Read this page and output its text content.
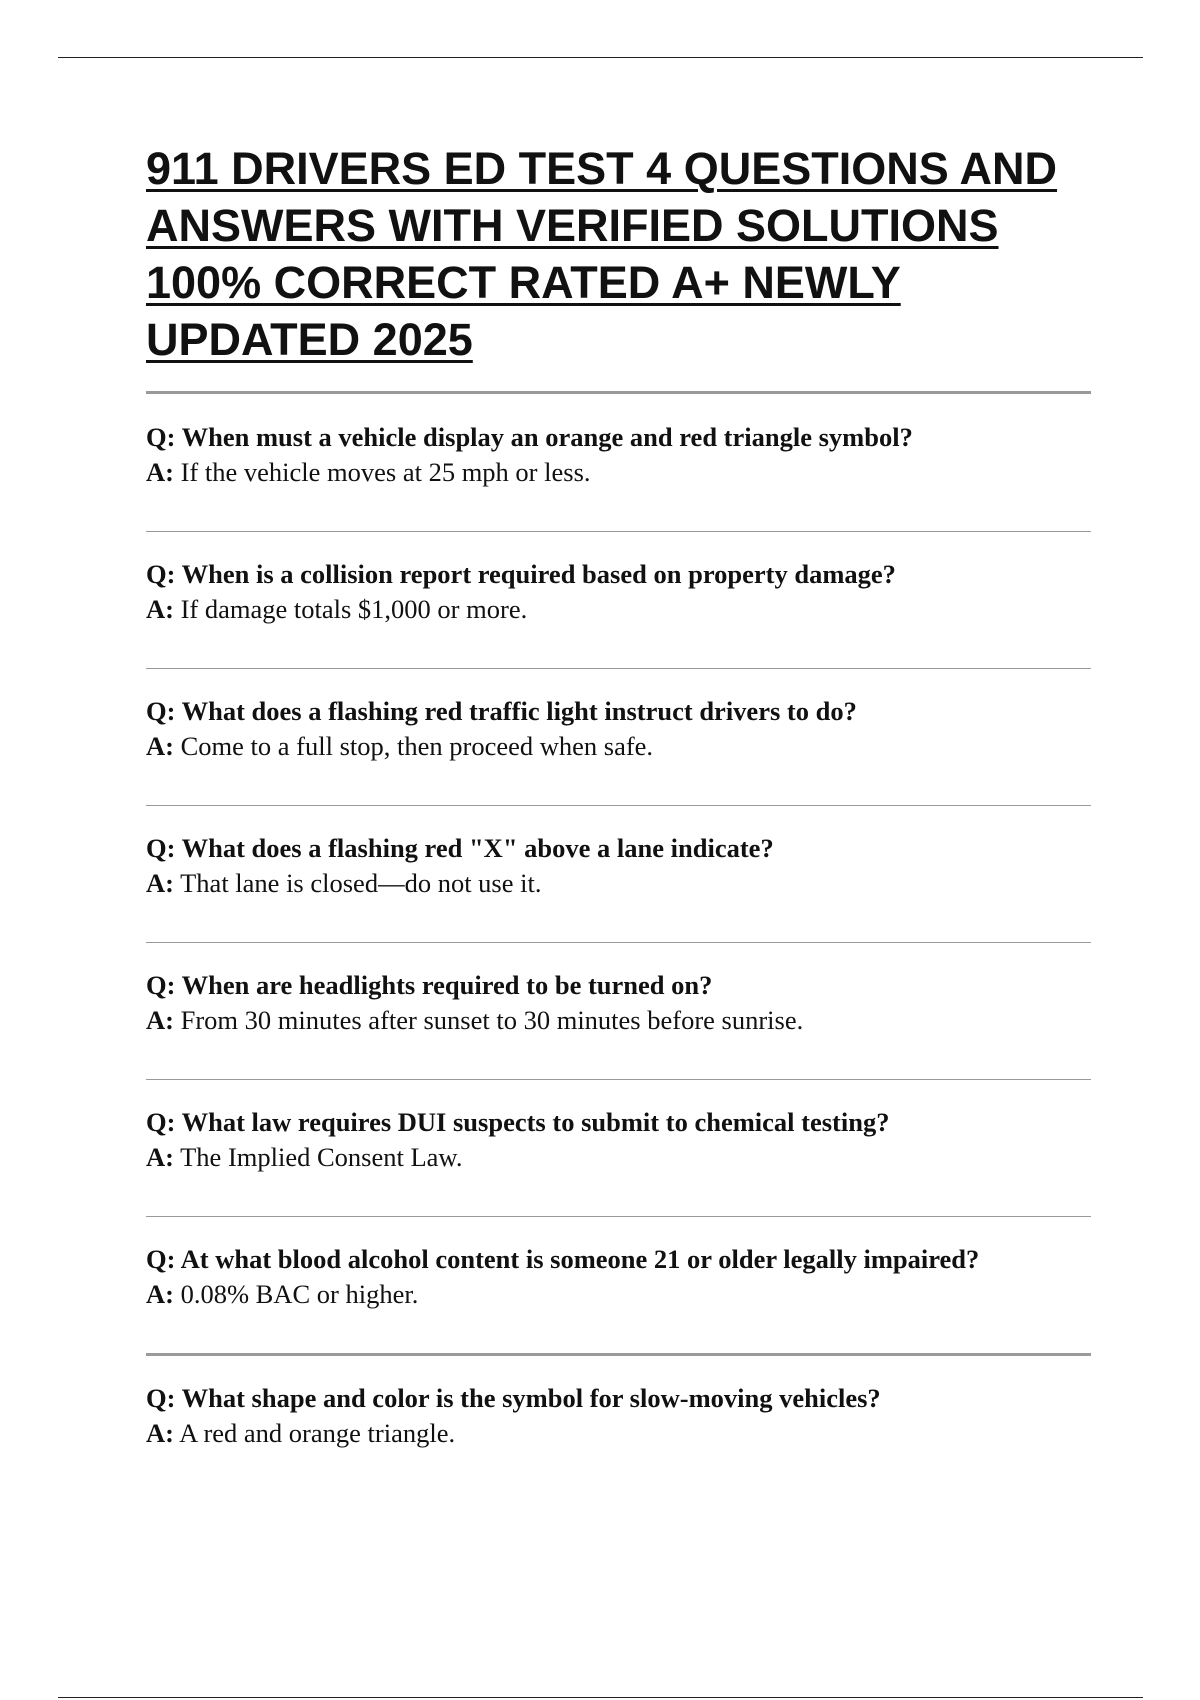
911 DRIVERS ED TEST 4 QUESTIONS AND ANSWERS WITH VERIFIED SOLUTIONS 100% CORRECT RATED A+ NEWLY UPDATED 2025
Q: When must a vehicle display an orange and red triangle symbol?
A: If the vehicle moves at 25 mph or less.
Q: When is a collision report required based on property damage?
A: If damage totals $1,000 or more.
Q: What does a flashing red traffic light instruct drivers to do?
A: Come to a full stop, then proceed when safe.
Q: What does a flashing red "X" above a lane indicate?
A: That lane is closed—do not use it.
Q: When are headlights required to be turned on?
A: From 30 minutes after sunset to 30 minutes before sunrise.
Q: What law requires DUI suspects to submit to chemical testing?
A: The Implied Consent Law.
Q: At what blood alcohol content is someone 21 or older legally impaired?
A: 0.08% BAC or higher.
Q: What shape and color is the symbol for slow-moving vehicles?
A: A red and orange triangle.
